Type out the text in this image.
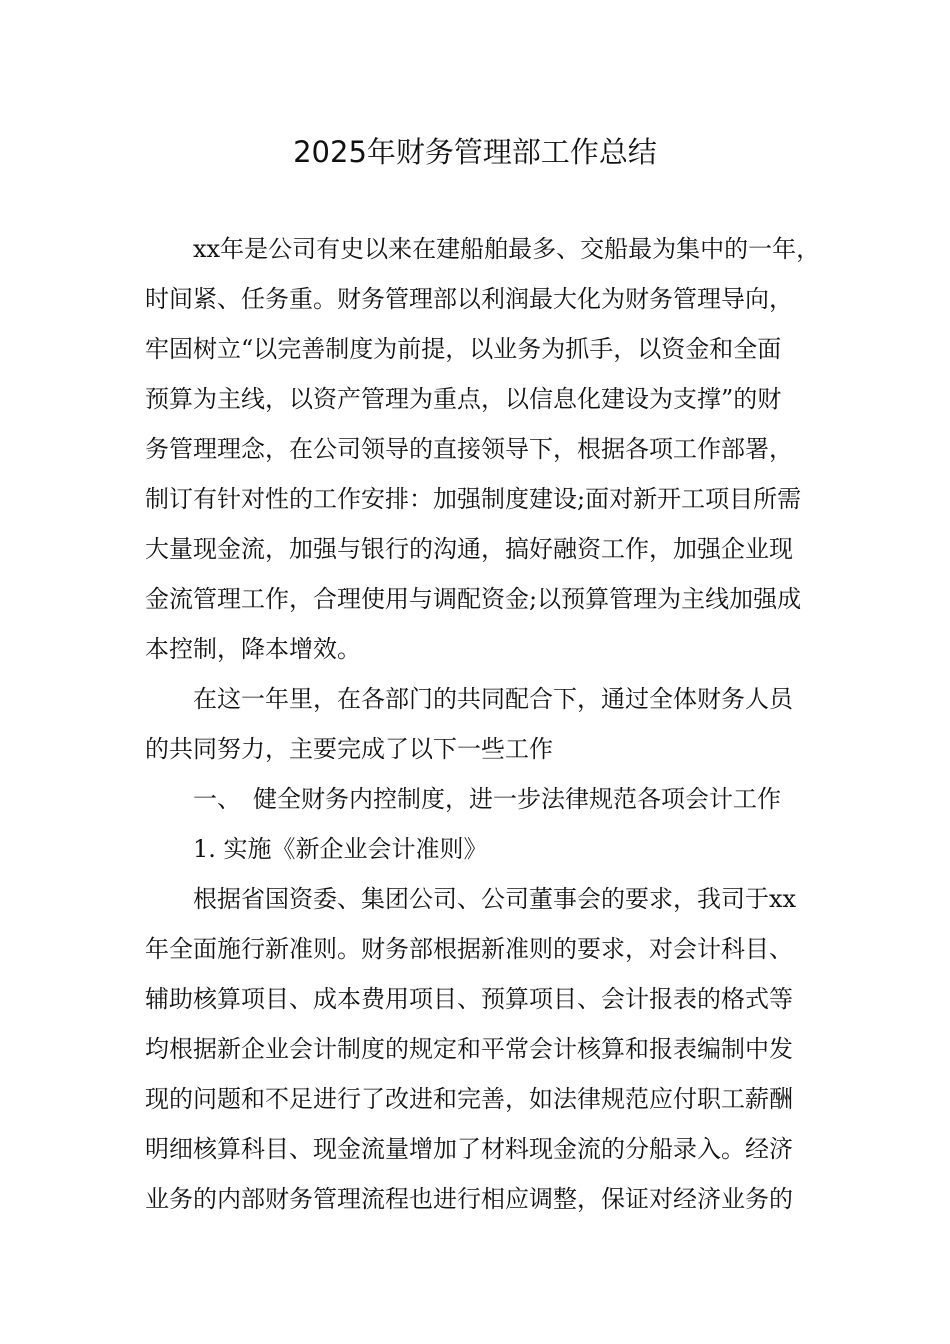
2025年财务管理部工作总结
xx年是公司有史以来在建船舶最多、交船最为集中的一年，
时间紧、任务重。财务管理部以利润最大化为财务管理导向，
牢固树立“以完善制度为前提，以业务为抓手，以资金和全面
预算为主线，以资产管理为重点，以信息化建设为支撑”的财
务管理理念，在公司领导的直接领导下，根据各项工作部署，
制订有针对性的工作安排：加强制度建设;面对新开工项目所需
大量现金流，加强与银行的沟通，搞好融资工作，加强企业现
金流管理工作，合理使用与调配资金;以预算管理为主线加强成
本控制，降本增效。
在这一年里，在各部门的共同配合下，通过全体财务人员
的共同努力，主要完成了以下一些工作
一、 健全财务内控制度，进一步法律规范各项会计工作
1. 实施《新企业会计准则》
根据省国资委、集团公司、公司董事会的要求，我司于xx
年全面施行新准则。财务部根据新准则的要求，对会计科目、
辅助核算项目、成本费用项目、预算项目、会计报表的格式等
均根据新企业会计制度的规定和平常会计核算和报表编制中发
现的问题和不足进行了改进和完善，如法律规范应付职工薪酬
明细核算科目、现金流量增加了材料现金流的分船录入。经济
业务的内部财务管理流程也进行相应调整，保证对经济业务的
